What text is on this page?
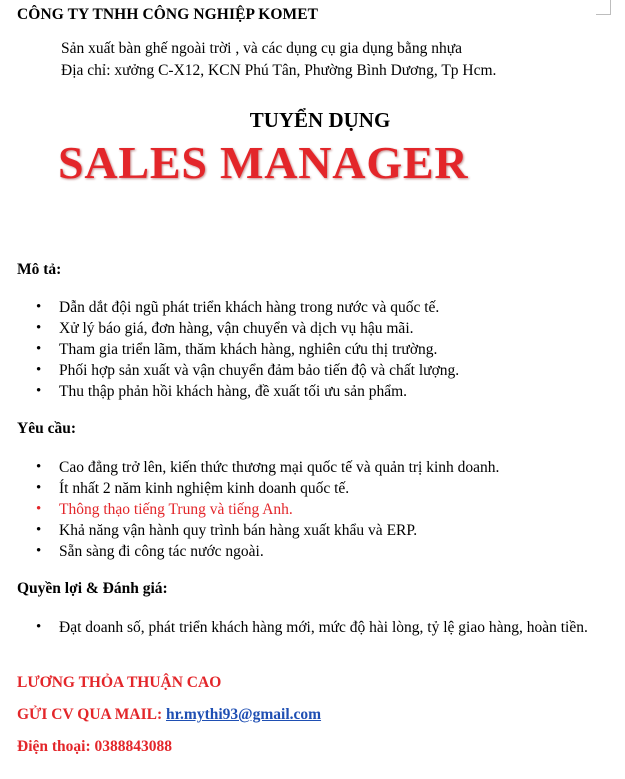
CÔNG TY TNHH CÔNG NGHIỆP KOMET
Sản xuất bàn ghế ngoài trời , và các dụng cụ gia dụng bằng nhựa
Địa chỉ: xưởng C-X12, KCN Phú Tân, Phường Bình Dương, Tp Hcm.
TUYỂN DỤNG
SALES MANAGER
Mô tả:
• Dẫn dắt đội ngũ phát triển khách hàng trong nước và quốc tế.
• Xử lý báo giá, đơn hàng, vận chuyển và dịch vụ hậu mãi.
• Tham gia triển lãm, thăm khách hàng, nghiên cứu thị trường.
• Phối hợp sản xuất và vận chuyển đảm bảo tiến độ và chất lượng.
• Thu thập phản hồi khách hàng, đề xuất tối ưu sản phẩm.
Yêu cầu:
• Cao đẳng trở lên, kiến thức thương mại quốc tế và quản trị kinh doanh.
• Ít nhất 2 năm kinh nghiệm kinh doanh quốc tế.
• Thông thạo tiếng Trung và tiếng Anh.
• Khả năng vận hành quy trình bán hàng xuất khẩu và ERP.
• Sẵn sàng đi công tác nước ngoài.
Quyền lợi & Đánh giá:
• Đạt doanh số, phát triển khách hàng mới, mức độ hài lòng, tỷ lệ giao hàng, hoàn tiền.
LƯƠNG THỎA THUẬN CAO
GỬI CV QUA MAIL: hr.mythi93@gmail.com
Điện thoại: 0388843088
